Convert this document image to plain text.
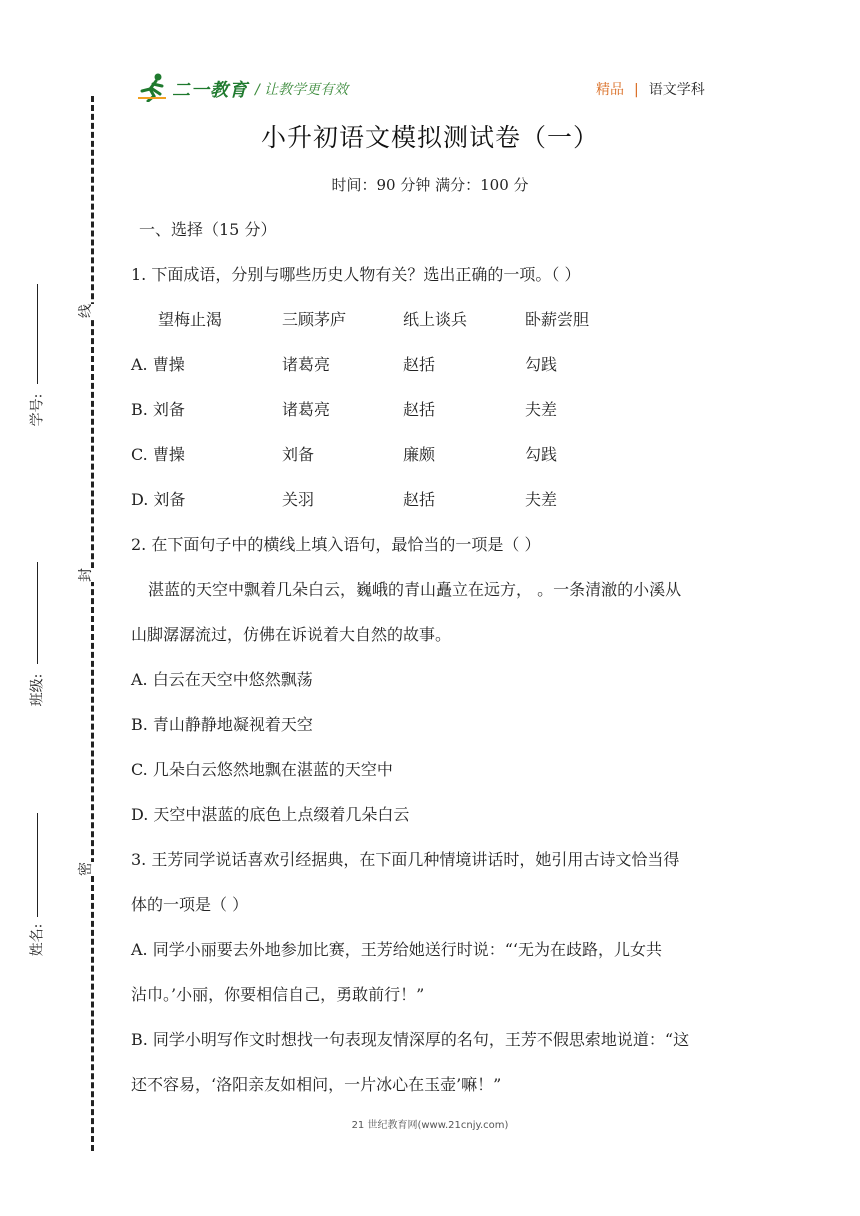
二一教育 / 让教学更有效	精品 | 语文学科
线
封
密
学号:
班级:
姓名:
小升初语文模拟测试卷（一）
时间：90 分钟 满分：100 分
一、选择（15 分）
1. 下面成语，分别与哪些历史人物有关？选出正确的一项。（ ）
望梅止渴	三顾茅庐	纸上谈兵	卧薪尝胆
A. 曹操	诸葛亮	赵括	勾践
B. 刘备	诸葛亮	赵括	夫差
C. 曹操	刘备	廉颇	勾践
D. 刘备	关羽	赵括	夫差
2. 在下面句子中的横线上填入语句，最恰当的一项是（ ）
湛蓝的天空中飘着几朵白云，巍峨的青山矗立在远方， 。一条清澈的小溪从
山脚潺潺流过，仿佛在诉说着大自然的故事。
A. 白云在天空中悠然飘荡
B. 青山静静地凝视着天空
C. 几朵白云悠然地飘在湛蓝的天空中
D. 天空中湛蓝的底色上点缀着几朵白云
3. 王芳同学说话喜欢引经据典，在下面几种情境讲话时，她引用古诗文恰当得
体的一项是（ ）
A. 同学小丽要去外地参加比赛，王芳给她送行时说：“‘无为在歧路，儿女共
沾巾。’小丽，你要相信自己，勇敢前行！”
B. 同学小明写作文时想找一句表现友情深厚的名句，王芳不假思索地说道：“这
还不容易，‘洛阳亲友如相问，一片冰心在玉壶’嘛！”
21 世纪教育网(www.21cnjy.com)
